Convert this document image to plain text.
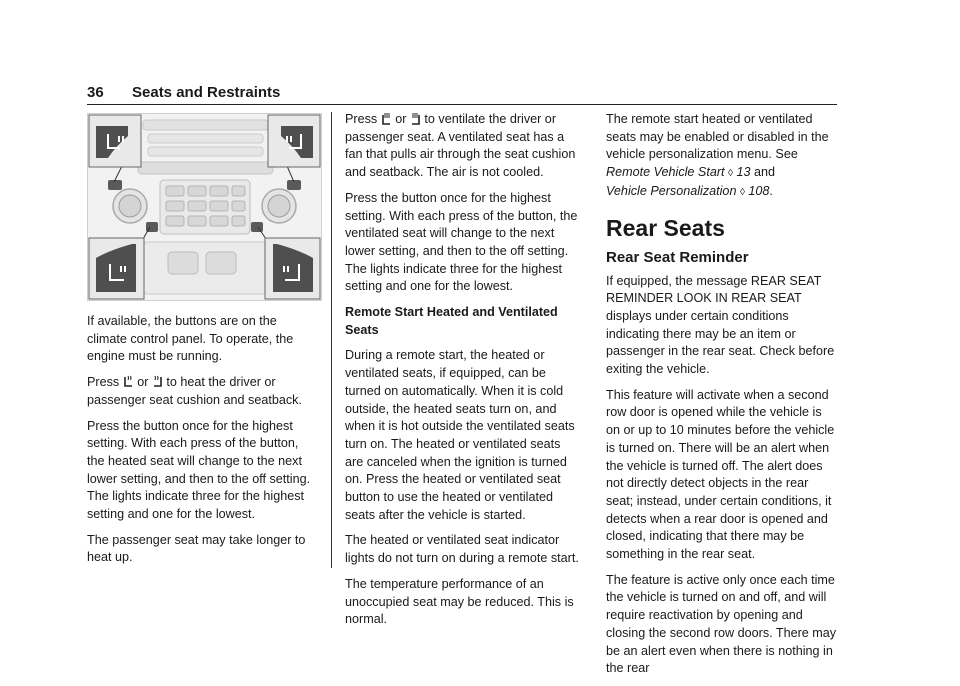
36 Seats and Restraints

If available, the buttons are on the climate control panel. To operate, the engine must be running.

Press or to heat the driver or passenger seat cushion and seatback.

Press the button once for the highest setting. With each press of the button, the heated seat will change to the next lower setting, and then to the off setting. The lights indicate three for the highest setting and one for the lowest.

The passenger seat may take longer to heat up.

Press or to ventilate the driver or passenger seat. A ventilated seat has a fan that pulls air through the seat cushion and seatback. The air is not cooled.

Press the button once for the highest setting. With each press of the button, the ventilated seat will change to the next lower setting, and then to the off setting. The lights indicate three for the highest setting and one for the lowest.

Remote Start Heated and Ventilated Seats

During a remote start, the heated or ventilated seats, if equipped, can be turned on automatically. When it is cold outside, the heated seats turn on, and when it is hot outside the ventilated seats turn on. The heated or ventilated seats are canceled when the ignition is turned on. Press the heated or ventilated seat button to use the heated or ventilated seats after the vehicle is started.

The heated or ventilated seat indicator lights do not turn on during a remote start.

The temperature performance of an unoccupied seat may be reduced. This is normal.

The remote start heated or ventilated seats may be enabled or disabled in the vehicle personalization menu. See Remote Vehicle Start ◊ 13 and
Vehicle Personalization ◊ 108.

Rear Seats
Rear Seat Reminder

If equipped, the message REAR SEAT REMINDER LOOK IN REAR SEAT displays under certain conditions indicating there may be an item or passenger in the rear seat. Check before exiting the vehicle.

This feature will activate when a second row door is opened while the vehicle is on or up to 10 minutes before the vehicle is turned on. There will be an alert when the vehicle is turned off. The alert does not directly detect objects in the rear seat; instead, under certain conditions, it detects when a rear door is opened and closed, indicating that there may be something in the rear seat.

The feature is active only once each time the vehicle is turned on and off, and will require reactivation by opening and closing the second row doors. There may be an alert even when there is nothing in the rear
